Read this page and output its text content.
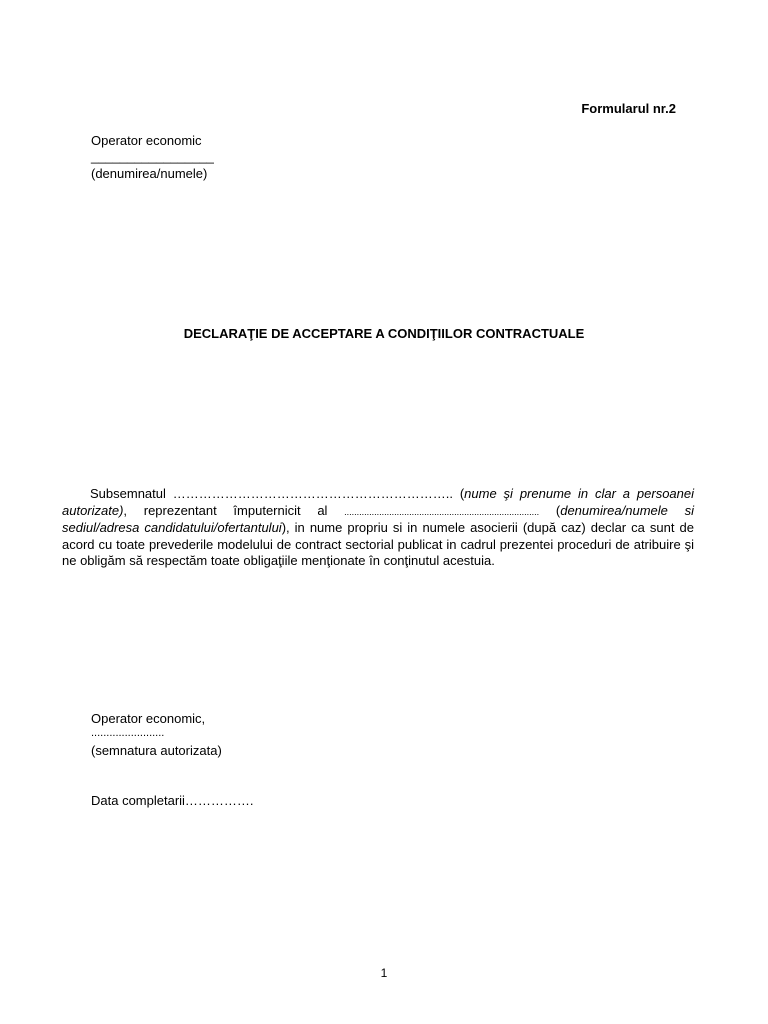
Formularul nr.2
Operator economic
_________________
(denumirea/numele)
DECLARAŢIE DE ACCEPTARE A CONDIŢIILOR CONTRACTUALE
Subsemnatul ……………………………………………………….. (nume şi prenume in clar a persoanei autorizate), reprezentant împuternicit al .............................................................................. (denumirea/numele si sediul/adresa candidatului/ofertantului), in nume propriu si in numele asocierii (după caz) declar ca sunt de acord cu toate prevederile modelului de contract sectorial publicat in cadrul prezentei proceduri de atribuire şi ne obligăm să respectăm toate obligaţiile menţionate în conţinutul acestuia.
Operator economic,
........................
(semnatura autorizata)
Data completarii…………….
1
